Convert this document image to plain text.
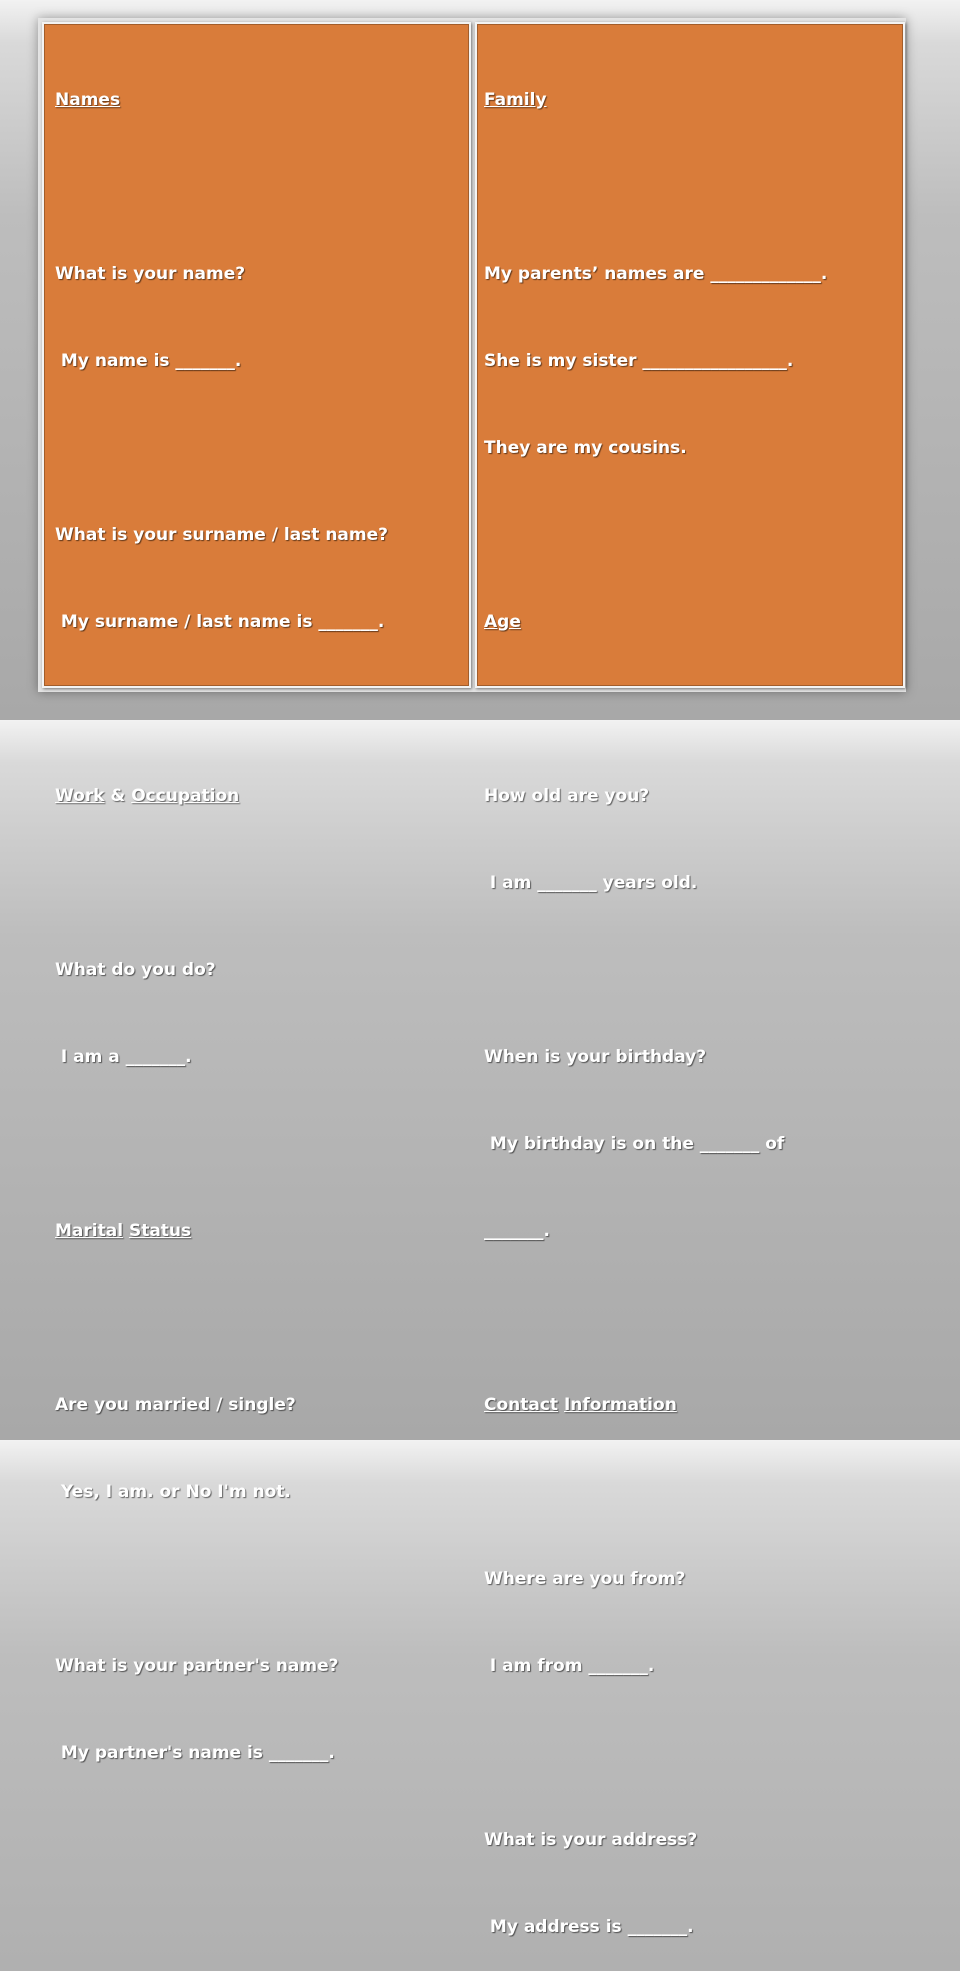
Names

What is your name?

My name is _______.

What is your surname / last name?

My surname / last name is _______.

Work & Occupation

What do you do?

I am a _______.

Marital Status

Are you married / single?

Yes, I am. or No I'm not.

What is your partner's name?

My partner's name is _______.

Family

My parents’ names are _____________.

She is my sister _________________.

They are my cousins.

Age

How old are you?

I am _______ years old.

When is your birthday?

My birthday is on the _______ of

_______.

Contact Information

Where are you from?

I am from _______.

What is your address?

My address is _______.
